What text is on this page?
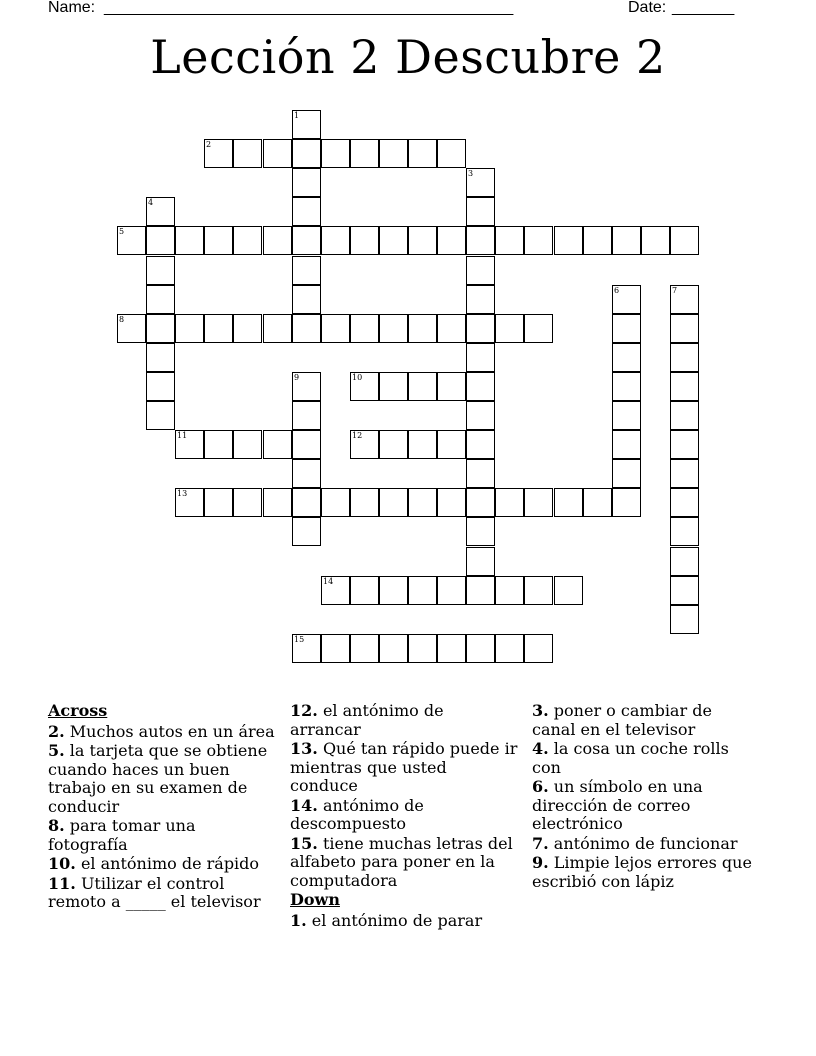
Name: ______________________________________________	Date: _______
Lección 2 Descubre 2
1
2
3
4
5
6	7
8
9	10
11	12
13
14
15
Across
2. Muchos autos en un área
5. la tarjeta que se obtiene cuando haces un buen trabajo en su examen de conducir
8. para tomar una fotografía
10. el antónimo de rápido
11. Utilizar el control remoto a _____ el televisor
12. el antónimo de arrancar
13. Qué tan rápido puede ir mientras que usted conduce
14. antónimo de descompuesto
15. tiene muchas letras del alfabeto para poner en la computadora
Down
1. el antónimo de parar
3. poner o cambiar de canal en el televisor
4. la cosa un coche rolls con
6. un símbolo en una dirección de correo electrónico
7. antónimo de funcionar
9. Limpie lejos errores que escribió con lápiz
